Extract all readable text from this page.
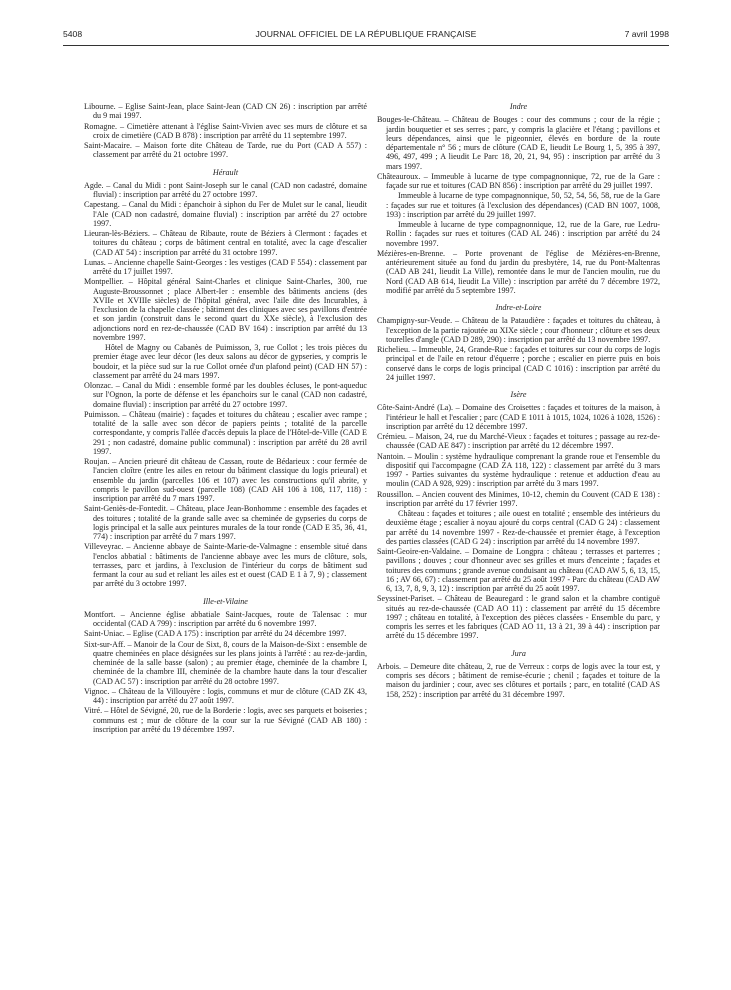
5408	JOURNAL OFFICIEL DE LA RÉPUBLIQUE FRANÇAISE	7 avril 1998

Libourne. – Eglise Saint-Jean, place Saint-Jean (CAD CN 26) : inscription par arrêté du 9 mai 1997.

Romagne. – Cimetière attenant à l'église Saint-Vivien avec ses murs de clôture et sa croix de cimetière (CAD B 878) : inscription par arrêté du 11 septembre 1997.

Saint-Macaire. – Maison forte dite Château de Tarde, rue du Port (CAD A 557) : classement par arrêté du 21 octobre 1997.

Hérault

Agde. – Canal du Midi : pont Saint-Joseph sur le canal (CAD non cadastré, domaine fluvial) : inscription par arrêté du 27 octobre 1997.

Capestang. – Canal du Midi : épanchoir à siphon du Fer de Mulet sur le canal, lieudit l'Ale (CAD non cadastré, domaine fluvial) : inscription par arrêté du 27 octobre 1997.

Lieuran-lès-Béziers. – Château de Ribaute, route de Béziers à Clermont : façades et toitures du château ; corps de bâtiment central en totalité, avec la cage d'escalier (CAD AT 54) : inscription par arrêté du 31 octobre 1997.

Lunas. – Ancienne chapelle Saint-Georges : les vestiges (CAD F 554) : classement par arrêté du 17 juillet 1997.

Montpellier. – Hôpital général Saint-Charles et clinique Saint-Charles, 300, rue Auguste-Broussonnet ; place Albert-Ier : ensemble des bâtiments anciens (des XVIIe et XVIIIe siècles) de l'hôpital général, avec l'aile dite des Incurables, à l'exclusion de la chapelle classée ; bâtiment des cliniques avec ses pavillons d'entrée et son jardin (construit dans le second quart du XXe siècle), à l'exclusion des adjonctions nord en rez-de-chaussée (CAD BV 164) : inscription par arrêté du 13 novembre 1997.

Hôtel de Magny ou Cabanès de Puimisson, 3, rue Collot ; les trois pièces du premier étage avec leur décor (les deux salons au décor de gypseries, y compris le boudoir, et la pièce sud sur la rue Collot ornée d'un plafond peint) (CAD HN 57) : classement par arrêté du 24 mars 1997.

Olonzac. – Canal du Midi : ensemble formé par les doubles écluses, le pont-aqueduc sur l'Ognon, la porte de défense et les épanchoirs sur le canal (CAD non cadastré, domaine fluvial) : inscription par arrêté du 27 octobre 1997.

Puimisson. – Château (mairie) : façades et toitures du château ; escalier avec rampe ; totalité de la salle avec son décor de papiers peints ; totalité de la parcelle correspondante, y compris l'allée d'accès depuis la place de l'Hôtel-de-Ville (CAD E 291 ; non cadastré, domaine public communal) : inscription par arrêté du 28 avril 1997.

Roujan. – Ancien prieuré dit château de Cassan, route de Bédarieux : cour fermée de l'ancien cloître (entre les ailes en retour du bâtiment classique du logis prieural) et ensemble du jardin (parcelles 106 et 107) avec les constructions qu'il abrite, y compris le pavillon sud-ouest (parcelle 108) (CAD AH 106 à 108, 117, 118) : inscription par arrêté du 7 mars 1997.

Saint-Geniès-de-Fontedit. – Château, place Jean-Bonhomme : ensemble des façades et des toitures ; totalité de la grande salle avec sa cheminée de gypseries du corps de logis principal et la salle aux peintures murales de la tour ronde (CAD E 35, 36, 41, 774) : inscription par arrêté du 7 mars 1997.

Villeveyrac. – Ancienne abbaye de Sainte-Marie-de-Valmagne : ensemble situé dans l'enclos abbatial : bâtiments de l'ancienne abbaye avec les murs de clôture, sols, terrasses, parc et jardins, à l'exclusion de l'intérieur du corps de bâtiment sud fermant la cour au sud et reliant les ailes est et ouest (CAD E 1 à 7, 9) ; classement par arrêté du 3 octobre 1997.

Ille-et-Vilaine

Montfort. – Ancienne église abbatiale Saint-Jacques, route de Talensac : mur occidental (CAD A 799) : inscription par arrêté du 6 novembre 1997.

Saint-Uniac. – Eglise (CAD A 175) : inscription par arrêté du 24 décembre 1997.

Sixt-sur-Aff. – Manoir de la Cour de Sixt, 8, cours de la Maison-de-Sixt : ensemble de quatre cheminées en place désignées sur les plans joints à l'arrêté : au rez-de-jardin, cheminée de la salle basse (salon) ; au premier étage, cheminée de la chambre I, cheminée de la chambre III, cheminée de la chambre haute dans la tour d'escalier (CAD AC 57) : inscription par arrêté du 28 octobre 1997.

Vignoc. – Château de la Villouyère : logis, communs et mur de clôture (CAD ZK 43, 44) : inscription par arrêté du 27 août 1997.

Vitré. – Hôtel de Sévigné, 20, rue de la Borderie : logis, avec ses parquets et boiseries ; communs est ; mur de clôture de la cour sur la rue Sévigné (CAD AB 180) : inscription par arrêté du 19 décembre 1997.

Indre

Bouges-le-Château. – Château de Bouges : cour des communs ; cour de la régie ; jardin bouquetier et ses serres ; parc, y compris la glacière et l'étang ; pavillons et leurs dépendances, ainsi que le pigeonnier, élevés en bordure de la route départementale n° 56 ; murs de clôture (CAD E, lieudit Le Bourg 1, 5, 395 à 397, 496, 497, 499 ; A lieudit Le Parc 18, 20, 21, 94, 95) : inscription par arrêté du 3 mars 1997.

Châteauroux. – Immeuble à lucarne de type compagnonnique, 72, rue de la Gare : façade sur rue et toitures (CAD BN 856) : inscription par arrêté du 29 juillet 1997.

Immeuble à lucarne de type compagnonnique, 50, 52, 54, 56, 58, rue de la Gare : façades sur rue et toitures (à l'exclusion des dépendances) (CAD BN 1007, 1008, 193) : inscription par arrêté du 29 juillet 1997.

Immeuble à lucarne de type compagnonnique, 12, rue de la Gare, rue Ledru-Rollin : façades sur rues et toitures (CAD AL 246) : inscription par arrêté du 24 novembre 1997.

Mézières-en-Brenne. – Porte provenant de l'église de Mézières-en-Brenne, antérieurement située au fond du jardin du presbytère, 14, rue du Pont-Maltenras (CAD AB 241, lieudit La Ville), remontée dans le mur de l'ancien moulin, rue du Nord (CAD AB 614, lieudit La Ville) : inscription par arrêté du 7 décembre 1972, modifié par arrêté du 5 septembre 1997.

Indre-et-Loire

Champigny-sur-Veude. – Château de la Pataudière : façades et toitures du château, à l'exception de la partie rajoutée au XIXe siècle ; cour d'honneur ; clôture et ses deux tourelles d'angle (CAD D 289, 290) : inscription par arrêté du 13 novembre 1997.

Richelieu. – Immeuble, 24, Grande-Rue : façades et toitures sur cour du corps de logis principal et de l'aile en retour d'équerre ; porche ; escalier en pierre puis en bois conservé dans le corps de logis principal (CAD C 1016) : inscription par arrêté du 24 juillet 1997.

Isère

Côte-Saint-André (La). – Domaine des Croisettes : façades et toitures de la maison, à l'intérieur le hall et l'escalier ; parc (CAD E 1011 à 1015, 1024, 1026 à 1028, 1526) : inscription par arrêté du 12 décembre 1997.

Crémieu. – Maison, 24, rue du Marché-Vieux : façades et toitures ; passage au rez-de-chaussée (CAD AE 847) : inscription par arrêté du 12 décembre 1997.

Nantoin. – Moulin : système hydraulique comprenant la grande roue et l'ensemble du dispositif qui l'accompagne (CAD ZA 118, 122) : classement par arrêté du 3 mars 1997 - Parties suivantes du système hydraulique : retenue et adduction d'eau au moulin (CAD A 928, 929) : inscription par arrêté du 3 mars 1997.

Roussillon. – Ancien couvent des Minimes, 10-12, chemin du Couvent (CAD E 138) : inscription par arrêté du 17 février 1997.

Château : façades et toitures ; aile ouest en totalité ; ensemble des intérieurs du deuxième étage ; escalier à noyau ajouré du corps central (CAD G 24) : classement par arrêté du 14 novembre 1997 - Rez-de-chaussée et premier étage, à l'exception des parties classées (CAD G 24) : inscription par arrêté du 14 novembre 1997.

Saint-Geoire-en-Valdaine. – Domaine de Longpra : château ; terrasses et parterres ; pavillons ; douves ; cour d'honneur avec ses grilles et murs d'enceinte ; façades et toitures des communs ; grande avenue conduisant au château (CAD AW 5, 6, 13, 15, 16 ; AV 66, 67) : classement par arrêté du 25 août 1997 - Parc du château (CAD AW 6, 13, 7, 8, 9, 3, 12) : inscription par arrêté du 25 août 1997.

Seyssinet-Pariset. – Château de Beauregard : le grand salon et la chambre contiguë situés au rez-de-chaussée (CAD AO 11) : classement par arrêté du 15 décembre 1997 ; château en totalité, à l'exception des pièces classées - Ensemble du parc, y compris les serres et les fabriques (CAD AO 11, 13 à 21, 39 à 44) : inscription par arrêté du 15 décembre 1997.

Jura

Arbois. – Demeure dite château, 2, rue de Verreux : corps de logis avec la tour est, y compris ses décors ; bâtiment de remise-écurie ; chenil ; façades et toiture de la maison du jardinier ; cour, avec ses clôtures et portails ; parc, en totalité (CAD AS 158, 252) : inscription par arrêté du 31 décembre 1997.
